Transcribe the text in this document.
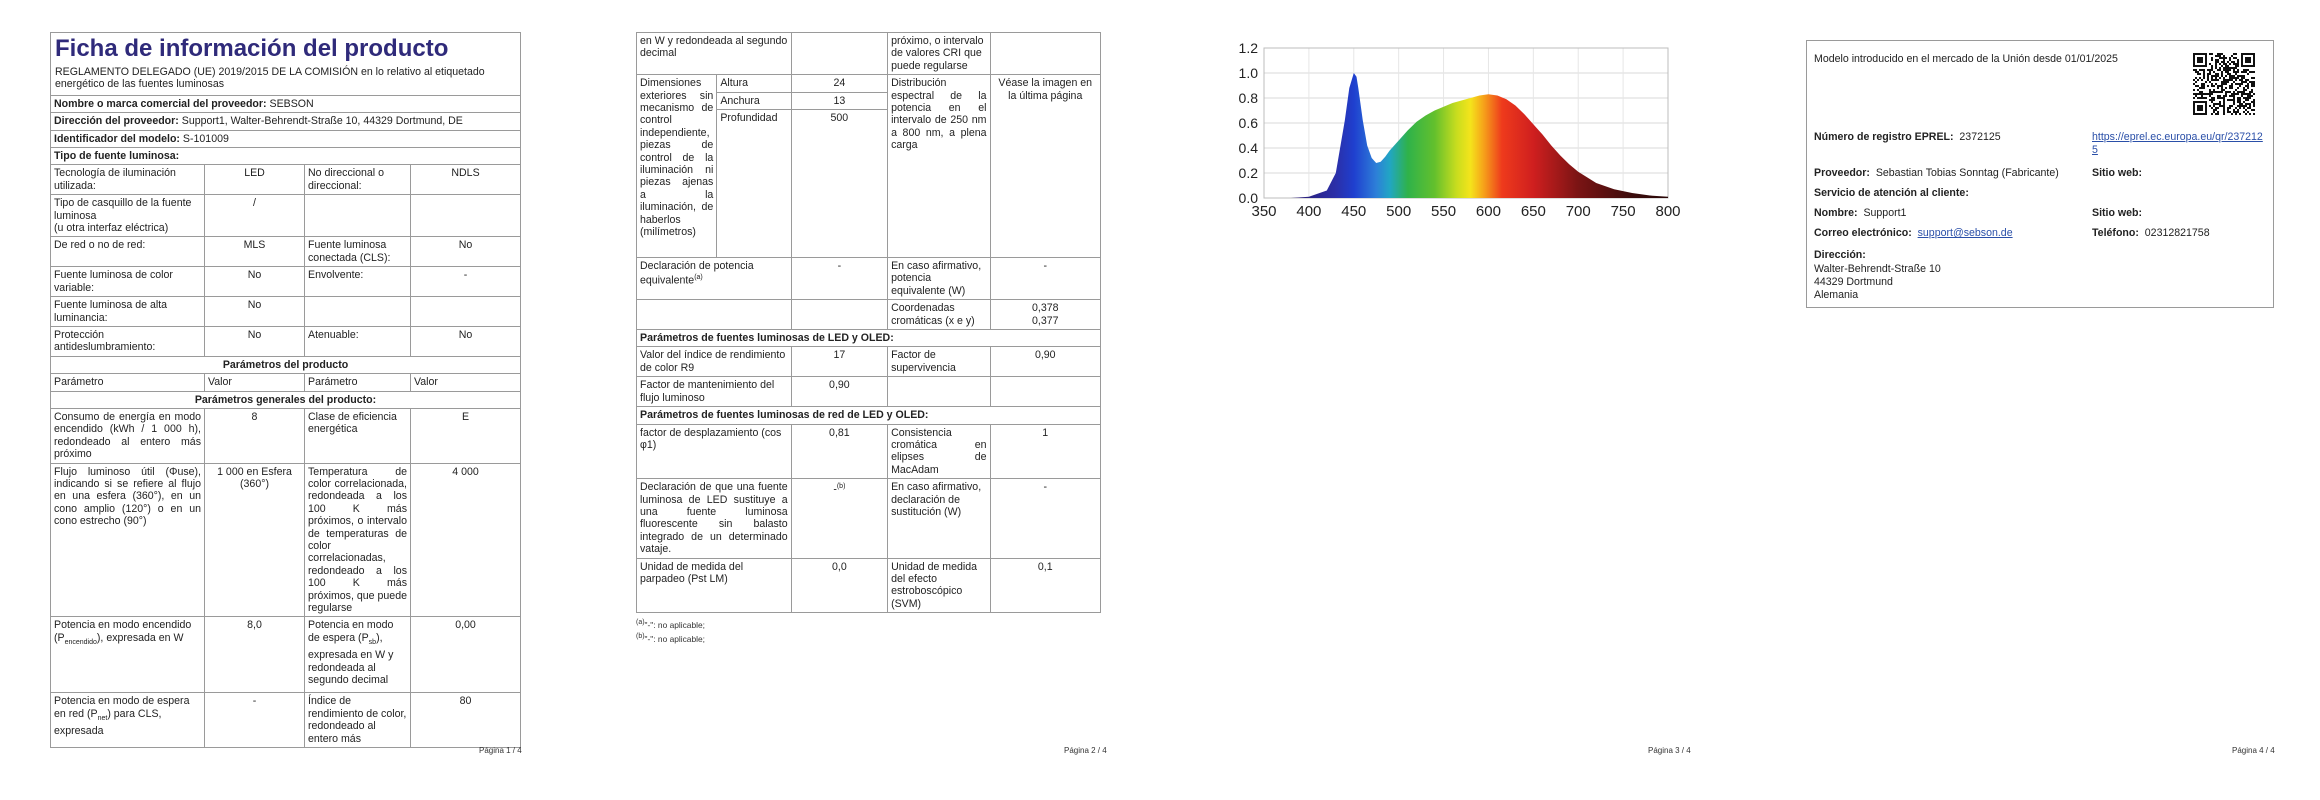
Ficha de información del producto
REGLAMENTO DELEGADO (UE) 2019/2015 DE LA COMISIÓN en lo relativo al etiquetado energético de las fuentes luminosas			

Nombre o marca comercial del proveedor: SEBSON			
Dirección del proveedor: Support1, Walter-Behrendt-Straße 10, 44329 Dortmund, DE			
Identificador del modelo: S-101009			
Tipo de fuente luminosa:			
Tecnología de iluminación utilizada:	LED	No direccional o direccional:	NDLS

Tipo de casquillo de la fuente luminosa
(u otra interfaz eléctrica)	/		
De red o no de red:	MLS	Fuente luminosa conectada (CLS):	No
Fuente luminosa de color variable:	No	Envolvente:	-
Fuente luminosa de alta luminancia:	No		
Protección antideslumbramiento:	No	Atenuable:	No
Parámetros del producto			
Parámetro	Valor	Parámetro	Valor
Parámetros generales del producto:			
Consumo de energía en modo encendido (kWh / 1 000 h), redondeado al entero más próximo	8	Clase de eficiencia energética	E
Flujo luminoso útil (Φuse), indicando si se refiere al flujo en una esfera (360°), en un cono amplio (120°) o en un cono estrecho (90°)	1 000 en Esfera (360°)	Temperatura de color correlacionada, redondeada a los 100 K más próximos, o intervalo de temperaturas de color correlacionadas, redondeado a los 100 K más próximos, que puede regularse	4 000
Potencia en modo encendido $(P_{encendido})$, expresada en W	8,0	Potencia en modo de espera $(P_{sb})$, expresada en W y redondeada al segundo decimal	0,00
Potencia en modo de espera en red $(P_{net})$ para CLS, expresada	-	Índice de rendimiento de color, redondeado al entero más	80
Página 1 / 4
en W y redondeada al segundo decimal			próximo, o intervalo de valores CRI que puede regularse	
Dimensiones exteriores sin mecanismo de control independiente, piezas de control de la iluminación ni piezas ajenas a la iluminación, de haberlos (milímetros)	Altura	24	Distribución espectral de la potencia en el intervalo de 250 nm a 800 nm, a plena carga	Véase la imagen en la última página
	Anchura	13		
	Profundidad	500		
Declaración de potencia equivalente$^{(a)}$		-	En caso afirmativo, potencia equivalente (W)	-
			Coordenadas cromáticas (x e y)	0,378
0,377

Parámetros de fuentes luminosas de LED y OLED:				
Valor del índice de rendimiento de color R9		17	Factor de supervivencia	0,90
Factor de mantenimiento del flujo luminoso		0,90		
Parámetros de fuentes luminosas de red de LED y OLED:				
factor de desplazamiento (cos φ1)		0,81	Consistencia cromática en elipses de MacAdam	1
Declaración de que una fuente luminosa de LED sustituye a una fuente luminosa fluorescente sin balasto integrado de un determinado vataje.		-$^{(b)}$	En caso afirmativo, declaración de sustitución (W)	-
Unidad de medida del parpadeo (Pst LM)		0,0	Unidad de medida del efecto estroboscópico (SVM)	0,1
$^{(a)}$"-": no aplicable;
$^{(b)}$"-": no aplicable;
Página 2 / 4
0.0
0.2
0.4
0.6
0.8
1.0
1.2
350 400 450 500 550 600 650 700 750 800
Página 3 / 4
Modelo introducido en el mercado de la Unión desde 01/01/2025
Número de registro EPREL: 2372125	https://eprel.ec.europa.eu/qr/2372125
Proveedor: Sebastian Tobias Sonntag (Fabricante)	Sitio web:
Servicio de atención al cliente:
Nombre: Support1	Sitio web:
Correo electrónico: support@sebson.de	Teléfono: 02312821758
Dirección:
Walter-Behrendt-Straße 10
44329 Dortmund
Alemania
Página 4 / 4
